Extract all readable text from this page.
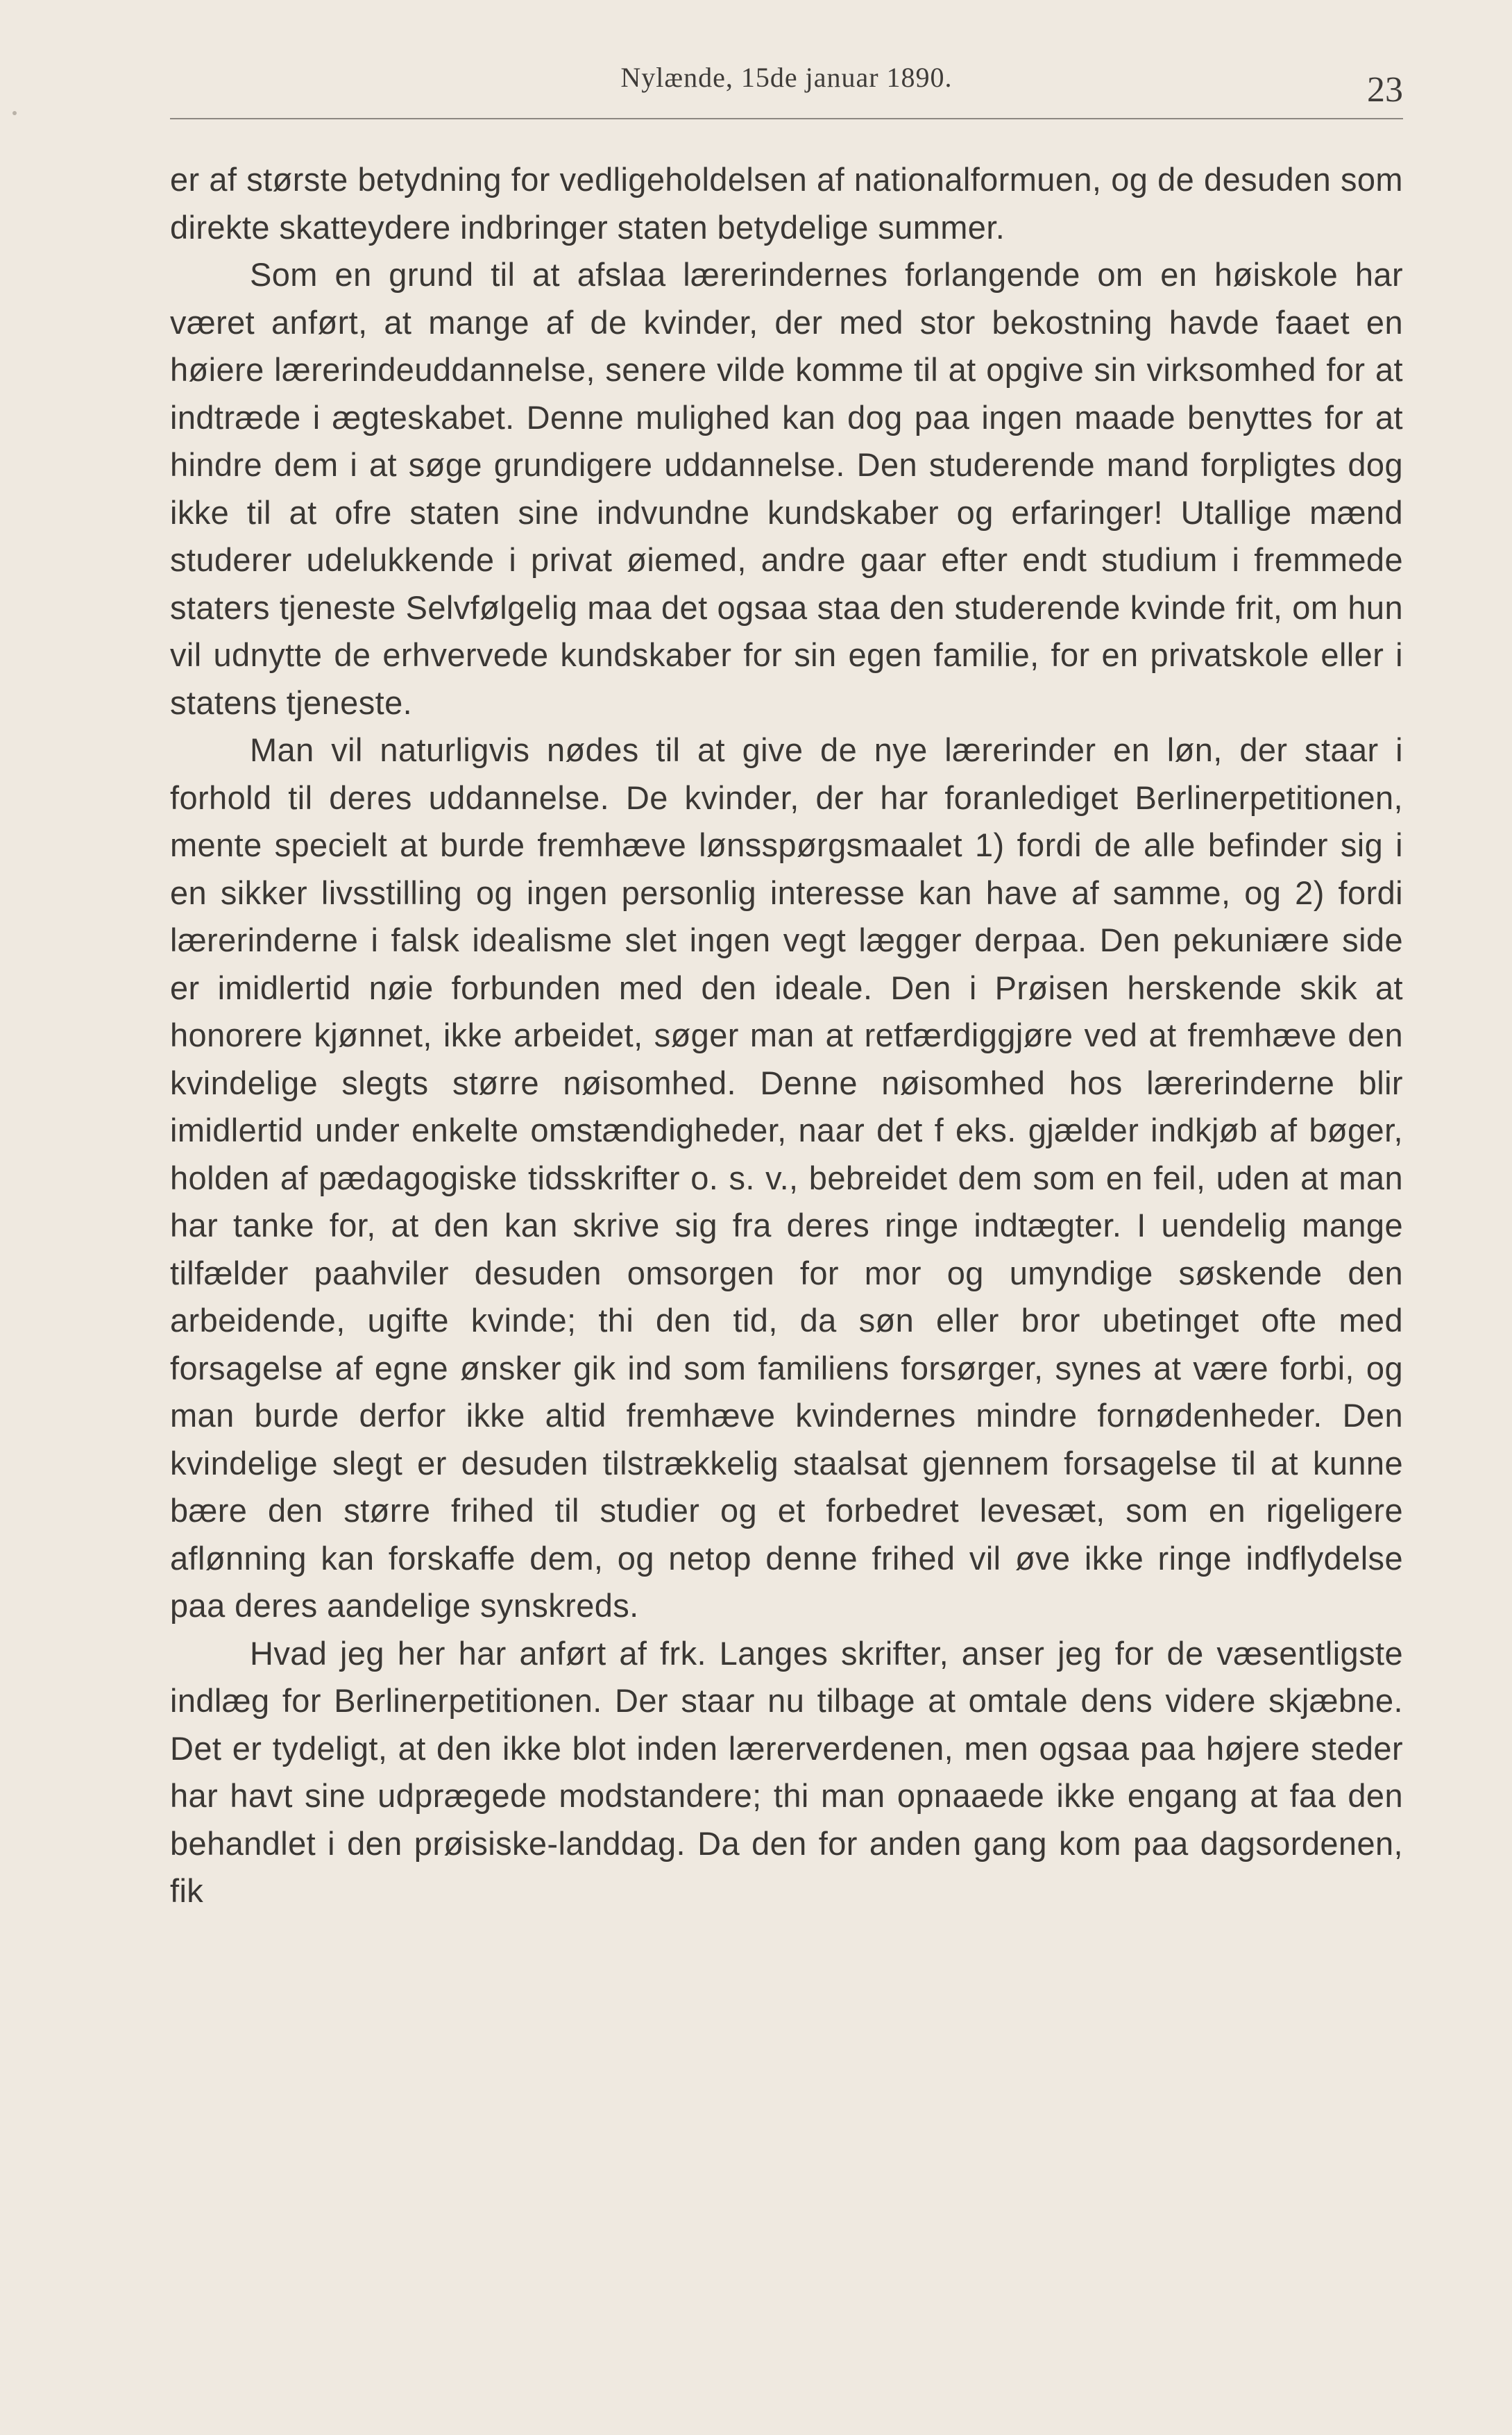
Nylænde, 15de januar 1890.	23

er af største betydning for vedligeholdelsen af nationalformuen, og de desuden som direkte skatteydere indbringer staten betydelige summer.

Som en grund til at afslaa lærerindernes forlangende om en høiskole har været anført, at mange af de kvinder, der med stor bekostning havde faaet en høiere lærerindeuddannelse, senere vilde komme til at opgive sin virksomhed for at indtræde i ægteskabet. Denne mulighed kan dog paa ingen maade benyttes for at hindre dem i at søge grundigere uddannelse. Den studerende mand forpligtes dog ikke til at ofre staten sine indvundne kundskaber og erfaringer! Utallige mænd studerer udelukkende i privat øiemed, andre gaar efter endt studium i fremmede staters tjeneste Selvfølgelig maa det ogsaa staa den studerende kvinde frit, om hun vil udnytte de erhvervede kundskaber for sin egen familie, for en privatskole eller i statens tjeneste.

Man vil naturligvis nødes til at give de nye lærerinder en løn, der staar i forhold til deres uddannelse. De kvinder, der har foranlediget Berlinerpetitionen, mente specielt at burde fremhæve lønsspørgsmaalet 1) fordi de alle befinder sig i en sikker livsstilling og ingen personlig interesse kan have af samme, og 2) fordi lærerinderne i falsk idealisme slet ingen vegt lægger derpaa. Den pekuniære side er imidlertid nøie forbunden med den ideale. Den i Prøisen herskende skik at honorere kjønnet, ikke arbeidet, søger man at retfærdiggjøre ved at fremhæve den kvindelige slegts større nøisomhed. Denne nøisomhed hos lærerinderne blir imidlertid under enkelte omstændigheder, naar det f eks. gjælder indkjøb af bøger, holden af pædagogiske tidsskrifter o. s. v., bebreidet dem som en feil, uden at man har tanke for, at den kan skrive sig fra deres ringe indtægter. I uendelig mange tilfælder paahviler desuden omsorgen for mor og umyndige søskende den arbeidende, ugifte kvinde; thi den tid, da søn eller bror ubetinget ofte med forsagelse af egne ønsker gik ind som familiens forsørger, synes at være forbi, og man burde derfor ikke altid fremhæve kvindernes mindre fornødenheder. Den kvindelige slegt er desuden tilstrækkelig staalsat gjennem forsagelse til at kunne bære den større frihed til studier og et forbedret levesæt, som en rigeligere aflønning kan forskaffe dem, og netop denne frihed vil øve ikke ringe indflydelse paa deres aandelige synskreds.

Hvad jeg her har anført af frk. Langes skrifter, anser jeg for de væsentligste indlæg for Berlinerpetitionen. Der staar nu tilbage at omtale dens videre skjæbne. Det er tydeligt, at den ikke blot inden lærerverdenen, men ogsaa paa højere steder har havt sine udprægede modstandere; thi man opnaaede ikke engang at faa den behandlet i den prøisiske-landdag. Da den for anden gang kom paa dagsordenen, fik
